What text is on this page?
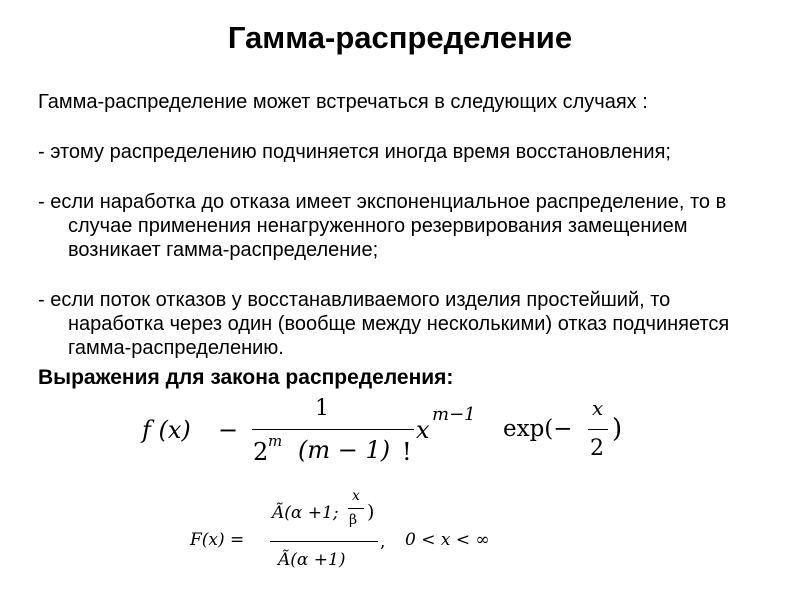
Гамма-распределение
Гамма-распределение может встречаться в следующих случаях :
- этому распределению подчиняется иногда время восстановления;
- если наработка до отказа имеет экспоненциальное распределение, то в случае применения ненагруженного резервирования замещением возникает гамма-распределение;
- если поток отказов у восстанавливаемого изделия простейший, то наработка через один (вообще между несколькими) отказ подчиняется гамма-распределению.
Выражения для закона распределения:
f (x) −
1
2 m (m − 1) !
x
m−1
exp(−
x
2
)
F(x) =
Ã(α +1;
x
β )
Ã(α +1)
, 0 < x < ∞
